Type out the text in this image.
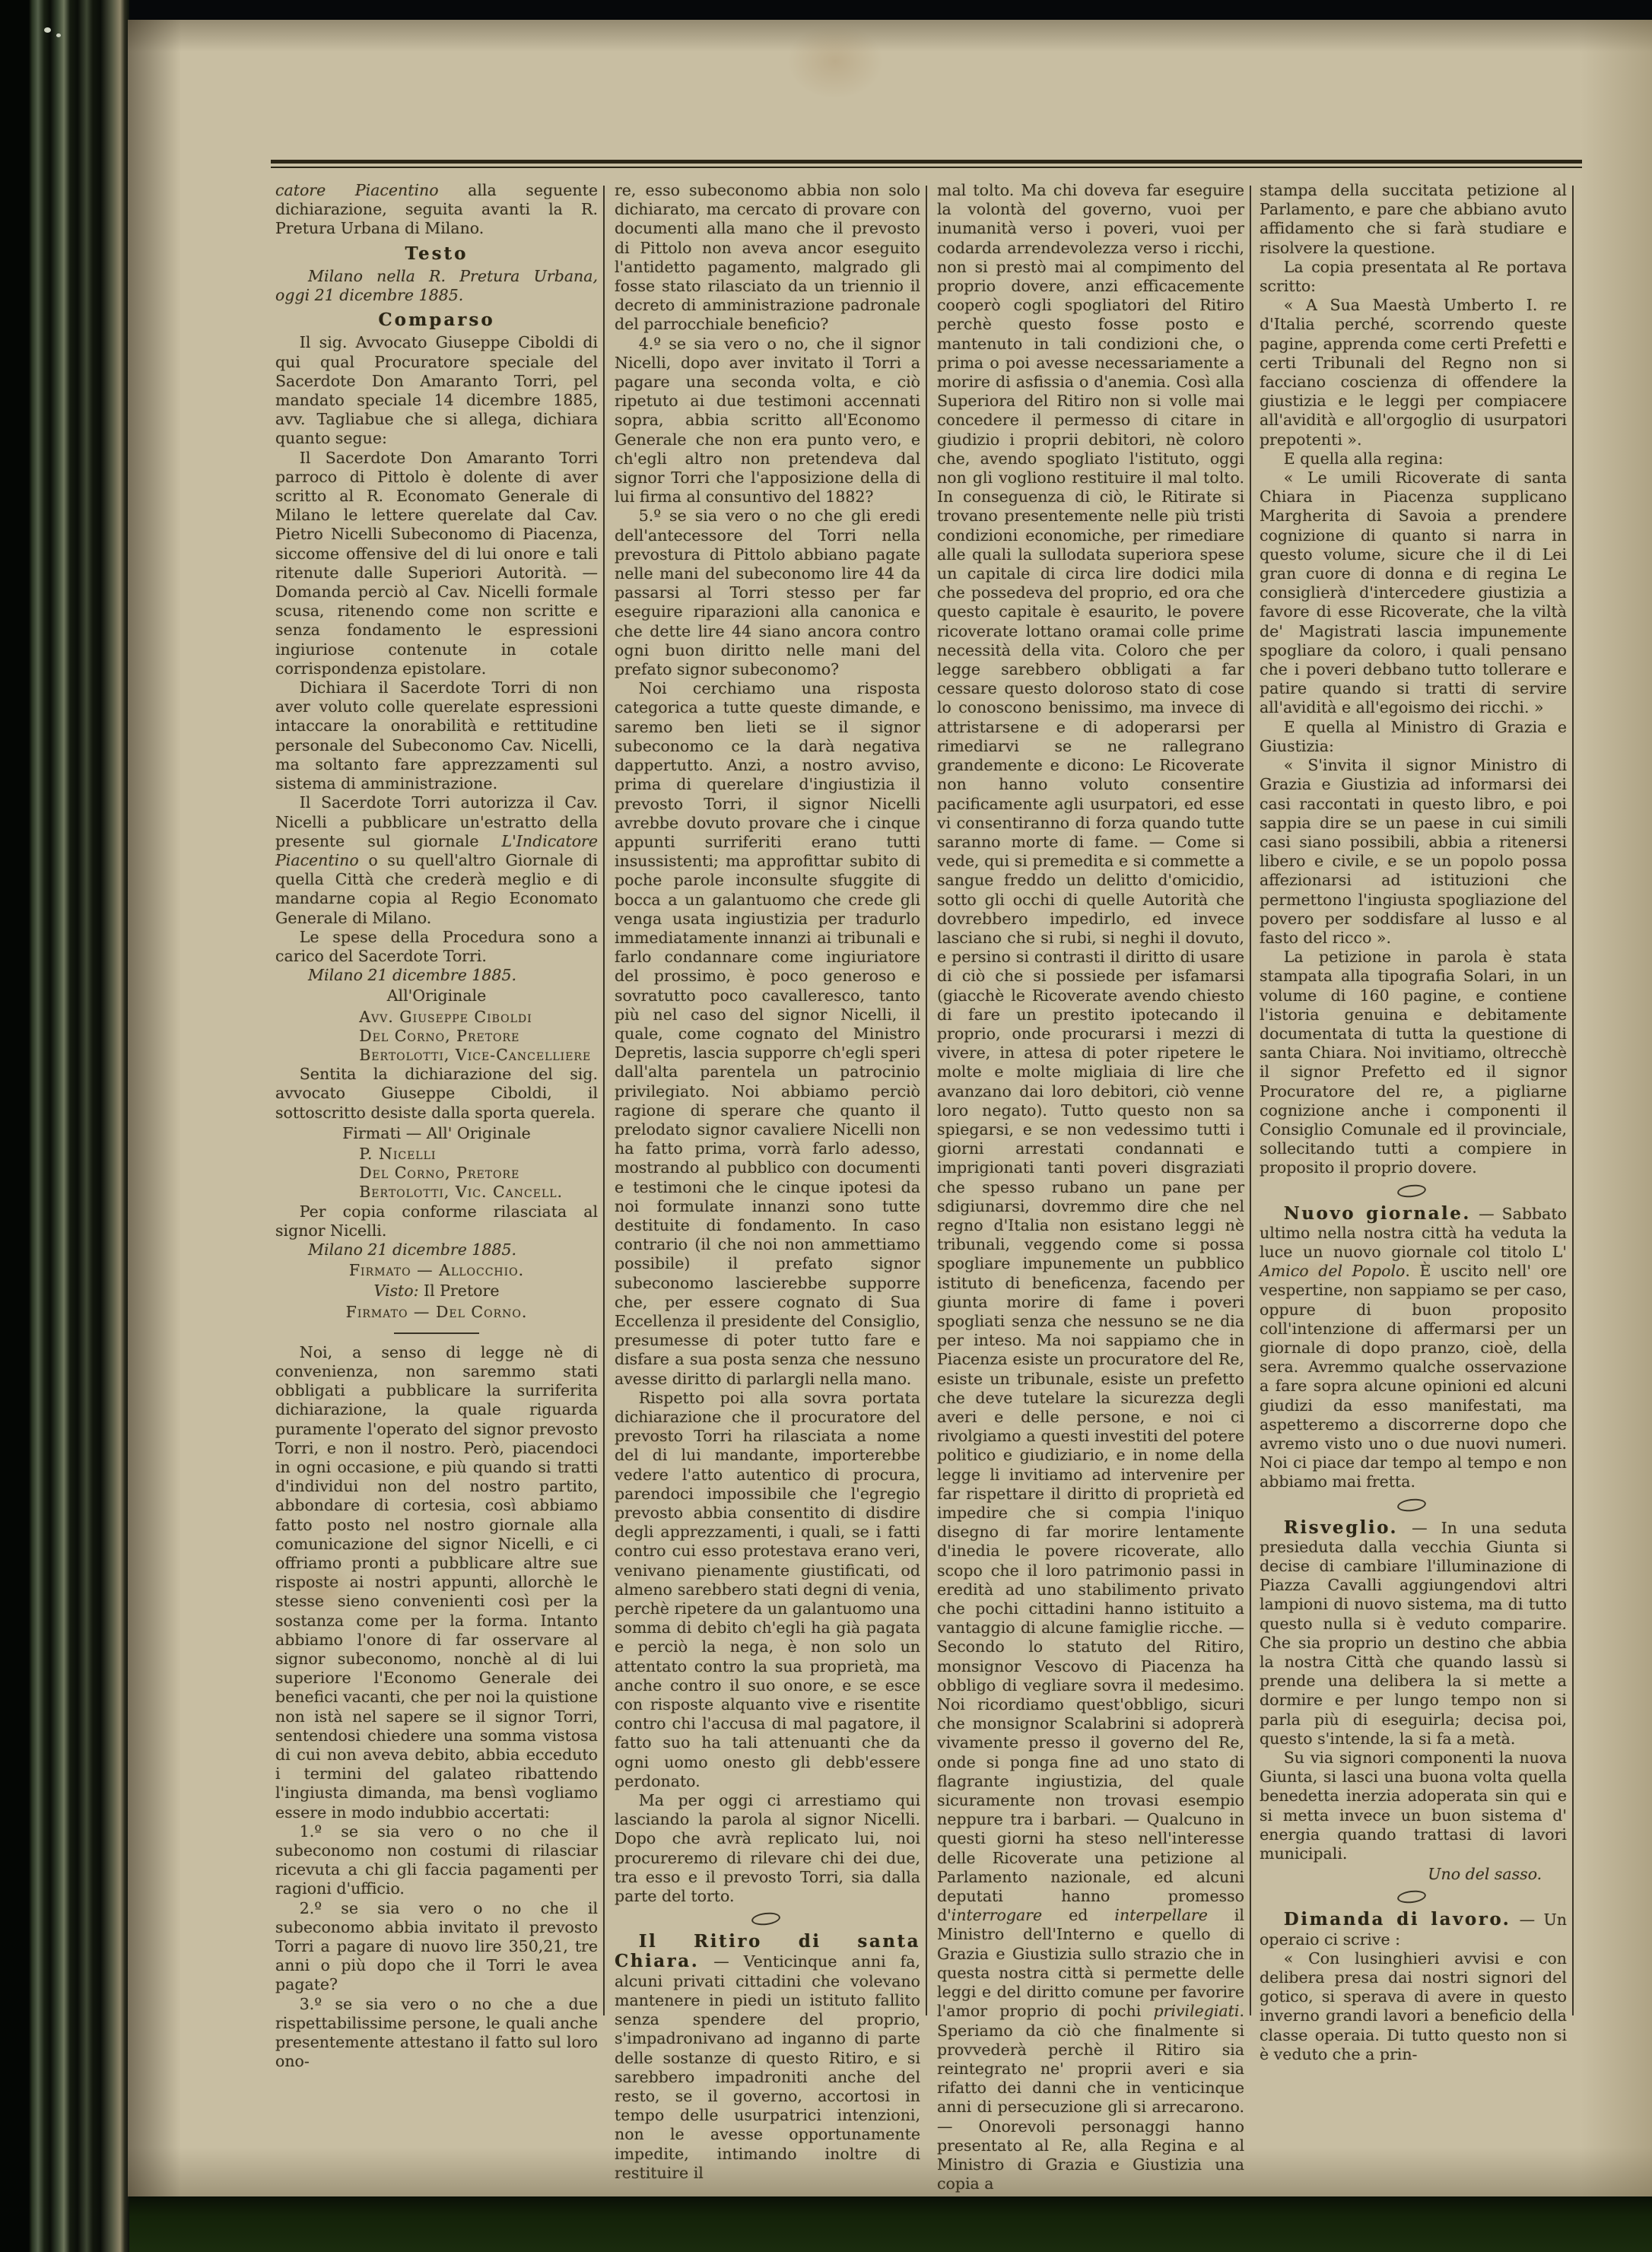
catore Piacentino alla seguente dichiarazione, seguita avanti la R. Pretura Urbana di Milano.

Testo

Milano nella R. Pretura Urbana, oggi 21 dicembre 1885.

Comparso

Il sig. Avvocato Giuseppe Ciboldi di qui qual Procuratore speciale del Sacerdote Don Amaranto Torri, pel mandato speciale 14 dicembre 1885, avv. Tagliabue che si allega, dichiara quanto segue:

Il Sacerdote Don Amaranto Torri parroco di Pittolo è dolente di aver scritto al R. Economato Generale di Milano le lettere querelate dal Cav. Pietro Nicelli Subeconomo di Piacenza, siccome offensive del di lui onore e tali ritenute dalle Superiori Autorità. — Domanda perciò al Cav. Nicelli formale scusa, ritenendo come non scritte e senza fondamento le espressioni ingiuriose contenute in cotale corrispondenza epistolare.

Dichiara il Sacerdote Torri di non aver voluto colle querelate espressioni intaccare la onorabilità e rettitudine personale del Subeconomo Cav. Nicelli, ma soltanto fare apprezzamenti sul sistema di amministrazione.

Il Sacerdote Torri autorizza il Cav. Nicelli a pubblicare un'estratto della presente sul giornale L'Indicatore Piacentino o su quell'altro Giornale di quella Città che crederà meglio e di mandarne copia al Regio Economato Generale di Milano.

Le spese della Procedura sono a carico del Sacerdote Torri.

Milano 21 dicembre 1885.

All'Originale
Avv. Giuseppe Ciboldi
Del Corno, Pretore
Bertolotti, Vice-Cancelliere

Sentita la dichiarazione del sig. avvocato Giuseppe Ciboldi, il sottoscritto desiste dalla sporta querela.

Firmati — All' Originale
P. Nicelli
Del Corno, Pretore
Bertolotti, Vic. Cancell.

Per copia conforme rilasciata al signor Nicelli.

Milano 21 dicembre 1885.

Firmato — Allocchio.
Visto: Il Pretore
Firmato — Del Corno.

Noi, a senso di legge nè di convenienza, non saremmo stati obbligati a pubblicare la surriferita dichiarazione, la quale riguarda puramente l'operato del signor prevosto Torri, e non il nostro. Però, piacendoci in ogni occasione, e più quando si tratti d'individui non del nostro partito, abbondare di cortesia, così abbiamo fatto posto nel nostro giornale alla comunicazione del signor Nicelli, e ci offriamo pronti a pubblicare altre sue risposte ai nostri appunti, allorchè le stesse sieno convenienti così per la sostanza come per la forma. Intanto abbiamo l'onore di far osservare al signor subeconomo, nonchè al di lui superiore l'Economo Generale dei benefici vacanti, che per noi la quistione non istà nel sapere se il signor Torri, sentendosi chiedere una somma vistosa di cui non aveva debito, abbia ecceduto i termini del galateo ribattendo l'ingiusta dimanda, ma bensì vogliamo essere in modo indubbio accertati:

1.º se sia vero o no che il subeconomo non costumi di rilasciar ricevuta a chi gli faccia pagamenti per ragioni d'ufficio.

2.º se sia vero o no che il subeconomo abbia invitato il prevosto Torri a pagare di nuovo lire 350,21, tre anni o più dopo che il Torri le avea pagate?

3.º se sia vero o no che a due rispettabilissime persone, le quali anche presentemente attestano il fatto sul loro ono-

re, esso subeconomo abbia non solo dichiarato, ma cercato di provare con documenti alla mano che il prevosto di Pittolo non aveva ancor eseguito l'antidetto pagamento, malgrado gli fosse stato rilasciato da un triennio il decreto di amministrazione padronale del parrocchiale beneficio?

4.º se sia vero o no, che il signor Nicelli, dopo aver invitato il Torri a pagare una seconda volta, e ciò ripetuto ai due testimoni accennati sopra, abbia scritto all'Economo Generale che non era punto vero, e ch'egli altro non pretendeva dal signor Torri che l'apposizione della di lui firma al consuntivo del 1882?

5.º se sia vero o no che gli eredi dell'antecessore del Torri nella prevostura di Pittolo abbiano pagate nelle mani del subeconomo lire 44 da passarsi al Torri stesso per far eseguire riparazioni alla canonica e che dette lire 44 siano ancora contro ogni buon diritto nelle mani del prefato signor subeconomo?

Noi cerchiamo una risposta categorica a tutte queste dimande, e saremo ben lieti se il signor subeconomo ce la darà negativa dappertutto. Anzi, a nostro avviso, prima di querelare d'ingiustizia il prevosto Torri, il signor Nicelli avrebbe dovuto provare che i cinque appunti surriferiti erano tutti insussistenti; ma approfittar subito di poche parole inconsulte sfuggite di bocca a un galantuomo che crede gli venga usata ingiustizia per tradurlo immediatamente innanzi ai tribunali e farlo condannare come ingiuriatore del prossimo, è poco generoso e sovratutto poco cavalleresco, tanto più nel caso del signor Nicelli, il quale, come cognato del Ministro Depretis, lascia supporre ch'egli speri dall'alta parentela un patrocinio privilegiato. Noi abbiamo perciò ragione di sperare che quanto il prelodato signor cavaliere Nicelli non ha fatto prima, vorrà farlo adesso, mostrando al pubblico con documenti e testimoni che le cinque ipotesi da noi formulate innanzi sono tutte destituite di fondamento. In caso contrario (il che noi non ammettiamo possibile) il prefato signor subeconomo lascierebbe supporre che, per essere cognato di Sua Eccellenza il presidente del Consiglio, presumesse di poter tutto fare e disfare a sua posta senza che nessuno avesse diritto di parlargli nella mano.

Rispetto poi alla sovra portata dichiarazione che il procuratore del prevosto Torri ha rilasciata a nome del di lui mandante, importerebbe vedere l'atto autentico di procura, parendoci impossibile che l'egregio prevosto abbia consentito di disdire degli apprezzamenti, i quali, se i fatti contro cui esso protestava erano veri, venivano pienamente giustificati, od almeno sarebbero stati degni di venia, perchè ripetere da un galantuomo una somma di debito ch'egli ha già pagata e perciò la nega, è non solo un attentato contro la sua proprietà, ma anche contro il suo onore, e se esce con risposte alquanto vive e risentite contro chi l'accusa di mal pagatore, il fatto suo ha tali attenuanti che da ogni uomo onesto gli debb'essere perdonato.

Ma per oggi ci arrestiamo qui lasciando la parola al signor Nicelli. Dopo che avrà replicato lui, noi procureremo di rilevare chi dei due, tra esso e il prevosto Torri, sia dalla parte del torto.

Il Ritiro di santa Chiara. — Venticinque anni fa, alcuni privati cittadini che volevano mantenere in piedi un istituto fallito senza spendere del proprio, s'impadronivano ad inganno di parte delle sostanze di questo Ritiro, e si sarebbero impadroniti anche del resto, se il governo, accortosi in tempo delle usurpatrici intenzioni, non le avesse opportunamente impedite, intimando inoltre di restituire il

mal tolto. Ma chi doveva far eseguire la volontà del governo, vuoi per inumanità verso i poveri, vuoi per codarda arrendevolezza verso i ricchi, non si prestò mai al compimento del proprio dovere, anzi efficacemente cooperò cogli spogliatori del Ritiro perchè questo fosse posto e mantenuto in tali condizioni che, o prima o poi avesse necessariamente a morire di asfissia o d'anemia. Così alla Superiora del Ritiro non si volle mai concedere il permesso di citare in giudizio i proprii debitori, nè coloro che, avendo spogliato l'istituto, oggi non gli vogliono restituire il mal tolto. In conseguenza di ciò, le Ritirate si trovano presentemente nelle più tristi condizioni economiche, per rimediare alle quali la sullodata superiora spese un capitale di circa lire dodici mila che possedeva del proprio, ed ora che questo capitale è esaurito, le povere ricoverate lottano oramai colle prime necessità della vita. Coloro che per legge sarebbero obbligati a far cessare questo doloroso stato di cose lo conoscono benissimo, ma invece di attristarsene e di adoperarsi per rimediarvi se ne rallegrano grandemente e dicono: Le Ricoverate non hanno voluto consentire pacificamente agli usurpatori, ed esse vi consentiranno di forza quando tutte saranno morte di fame. — Come si vede, qui si premedita e si commette a sangue freddo un delitto d'omicidio, sotto gli occhi di quelle Autorità che dovrebbero impedirlo, ed invece lasciano che si rubi, si neghi il dovuto, e persino si contrasti il diritto di usare di ciò che si possiede per isfamarsi (giacchè le Ricoverate avendo chiesto di fare un prestito ipotecando il proprio, onde procurarsi i mezzi di vivere, in attesa di poter ripetere le molte e molte migliaia di lire che avanzano dai loro debitori, ciò venne loro negato). Tutto questo non sa spiegarsi, e se non vedessimo tutti i giorni arrestati condannati e imprigionati tanti poveri disgraziati che spesso rubano un pane per sdigiunarsi, dovremmo dire che nel regno d'Italia non esistano leggi nè tribunali, veggendo come si possa spogliare impunemente un pubblico istituto di beneficenza, facendo per giunta morire di fame i poveri spogliati senza che nessuno se ne dia per inteso. Ma noi sappiamo che in Piacenza esiste un procuratore del Re, esiste un tribunale, esiste un prefetto che deve tutelare la sicurezza degli averi e delle persone, e noi ci rivolgiamo a questi investiti del potere politico e giudiziario, e in nome della legge li invitiamo ad intervenire per far rispettare il diritto di proprietà ed impedire che si compia l'iniquo disegno di far morire lentamente d'inedia le povere ricoverate, allo scopo che il loro patrimonio passi in eredità ad uno stabilimento privato che pochi cittadini hanno istituito a vantaggio di alcune famiglie ricche. — Secondo lo statuto del Ritiro, monsignor Vescovo di Piacenza ha obbligo di vegliare sovra il medesimo. Noi ricordiamo quest'obbligo, sicuri che monsignor Scalabrini si adoprerà vivamente presso il governo del Re, onde si ponga fine ad uno stato di flagrante ingiustizia, del quale sicuramente non trovasi esempio neppure tra i barbari. — Qualcuno in questi giorni ha steso nell'interesse delle Ricoverate una petizione al Parlamento nazionale, ed alcuni deputati hanno promesso d'interrogare ed interpellare il Ministro dell'Interno e quello di Grazia e Giustizia sullo strazio che in questa nostra città si permette delle leggi e del diritto comune per favorire l'amor proprio di pochi privilegiati. Speriamo da ciò che finalmente si provvederà perchè il Ritiro sia reintegrato ne' proprii averi e sia rifatto dei danni che in venticinque anni di persecuzione gli si arrecarono. — Onorevoli personaggi hanno presentato al Re, alla Regina e al Ministro di Grazia e Giustizia una copia a

stampa della succitata petizione al Parlamento, e pare che abbiano avuto affidamento che si farà studiare e risolvere la questione.

La copia presentata al Re portava scritto:

« A Sua Maestà Umberto I. re d'Italia perché, scorrendo queste pagine, apprenda come certi Prefetti e certi Tribunali del Regno non si facciano coscienza di offendere la giustizia e le leggi per compiacere all'avidità e all'orgoglio di usurpatori prepotenti ».

E quella alla regina:

« Le umili Ricoverate di santa Chiara in Piacenza supplicano Margherita di Savoia a prendere cognizione di quanto si narra in questo volume, sicure che il di Lei gran cuore di donna e di regina Le consiglierà d'intercedere giustizia a favore di esse Ricoverate, che la viltà de' Magistrati lascia impunemente spogliare da coloro, i quali pensano che i poveri debbano tutto tollerare e patire quando si tratti di servire all'avidità e all'egoismo dei ricchi. »

E quella al Ministro di Grazia e Giustizia:

« S'invita il signor Ministro di Grazia e Giustizia ad informarsi dei casi raccontati in questo libro, e poi sappia dire se un paese in cui simili casi siano possibili, abbia a ritenersi libero e civile, e se un popolo possa affezionarsi ad istituzioni che permettono l'ingiusta spogliazione del povero per soddisfare al lusso e al fasto del ricco ».

La petizione in parola è stata stampata alla tipografia Solari, in un volume di 160 pagine, e contiene l'istoria genuina e debitamente documentata di tutta la questione di santa Chiara. Noi invitiamo, oltrecchè il signor Prefetto ed il signor Procuratore del re, a pigliarne cognizione anche i componenti il Consiglio Comunale ed il provinciale, sollecitando tutti a compiere in proposito il proprio dovere.

Nuovo giornale. — Sabbato ultimo nella nostra città ha veduta la luce un nuovo giornale col titolo L' Amico del Popolo. È uscito nell' ore vespertine, non sappiamo se per caso, oppure di buon proposito coll'intenzione di affermarsi per un giornale di dopo pranzo, cioè, della sera. Avremmo qualche osservazione a fare sopra alcune opinioni ed alcuni giudizi da esso manifestati, ma aspetteremo a discorrerne dopo che avremo visto uno o due nuovi numeri. Noi ci piace dar tempo al tempo e non abbiamo mai fretta.

Risveglio. — In una seduta presieduta dalla vecchia Giunta si decise di cambiare l'illuminazione di Piazza Cavalli aggiungendovi altri lampioni di nuovo sistema, ma di tutto questo nulla si è veduto comparire. Che sia proprio un destino che abbia la nostra Città che quando lassù si prende una delibera la si mette a dormire e per lungo tempo non si parla più di eseguirla; decisa poi, questo s'intende, la si fa a metà.

Su via signori componenti la nuova Giunta, si lasci una buona volta quella benedetta inerzia adoperata sin qui e si metta invece un buon sistema d' energia quando trattasi di lavori municipali.

Uno del sasso.

Dimanda di lavoro. — Un operaio ci scrive :

« Con lusinghieri avvisi e con delibera presa dai nostri signori del gotico, si sperava di avere in questo inverno grandi lavori a beneficio della classe operaia. Di tutto questo non si è veduto che a prin-
